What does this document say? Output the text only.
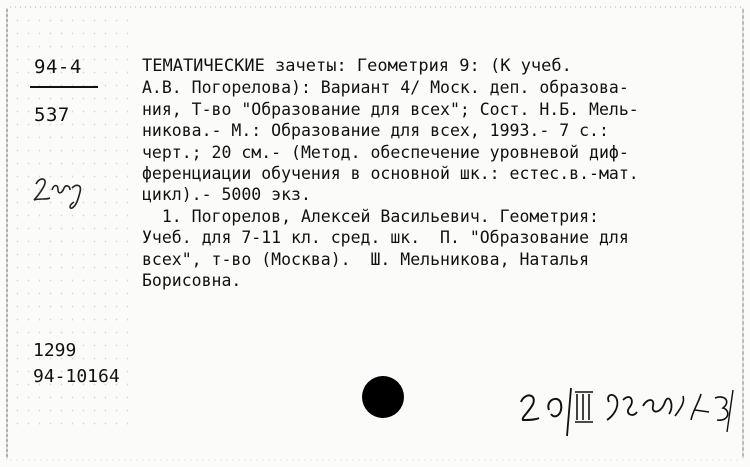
94-4
537
ТЕМАТИЧЕСКИЕ зачеты: Геометрия 9: (К учеб.
А.В. Погорелова): Вариант 4/ Моск. деп. образова-
ния, Т-во "Образование для всех"; Сост. Н.Б. Мель-
никова.- М.: Образование для всех, 1993.- 7 с.:
черт.; 20 см.- (Метод. обеспечение уровневой диф-
ференциации обучения в основной шк.: естес.в.-мат.
цикл).- 5000 экз.
1. Погорелов, Алексей Васильевич. Геометрия:
Учеб. для 7-11 кл. сред. шк.  П. "Образование для
всех", т-во (Москва).  Ш. Мельникова, Наталья
Борисовна.
1299
94-10164
